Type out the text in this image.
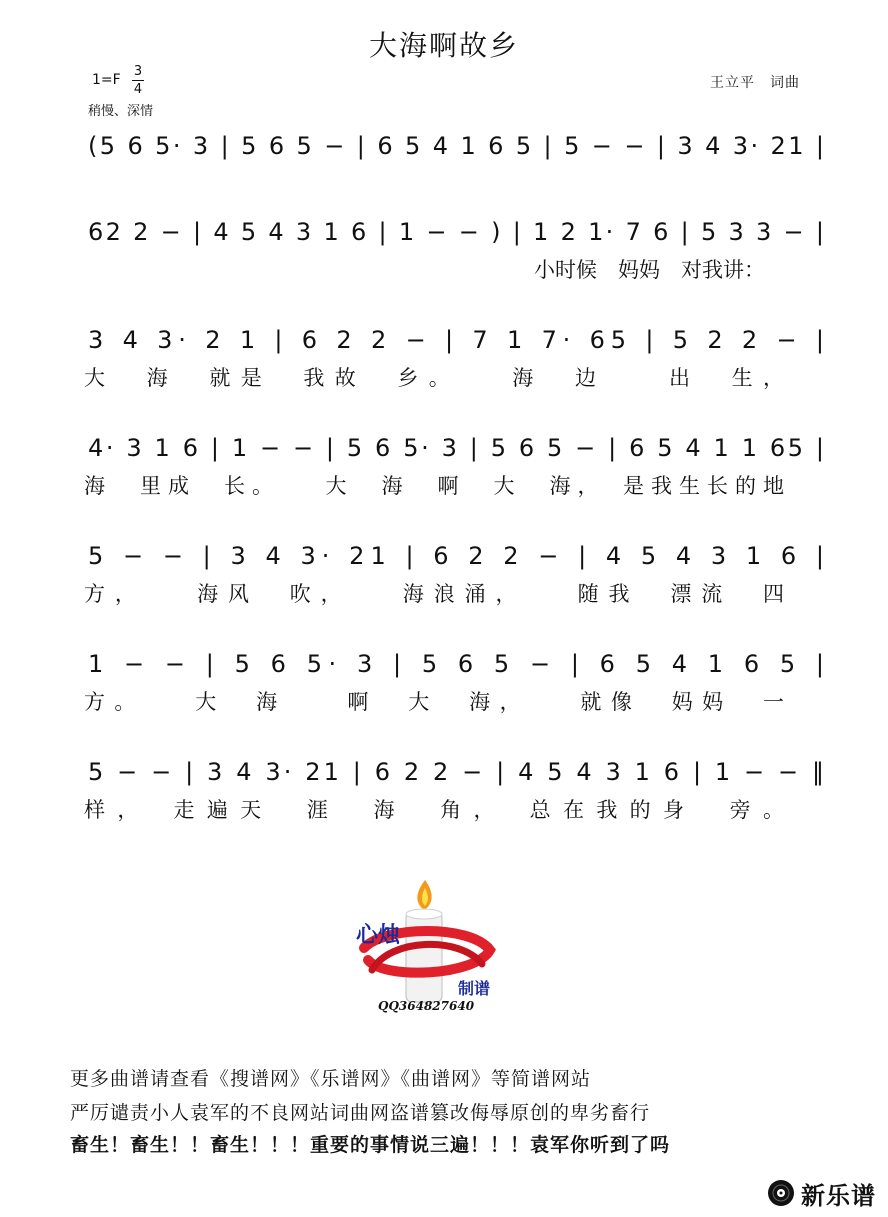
大海啊故乡
1=F
3
4
稍慢、深情
王立平　词曲
(5 6 5· 3 | 5 6 5 − | 6 5 4 1 6 5 | 5 − − | 3 4 3· 21 |
62 2 − | 4 5 4 3 1 6 | 1 − − ) | 1 2 1· 7 6 | 5 3 3 − |
小时候　妈妈　对我讲：
3 4 3· 2 1 | 6 2 2 − | 7 1 7· 65 | 5 2 2 − |
大　海　就是　我故　乡。　　海　边　　出　生，
4· 3 1 6 | 1 − − | 5 6 5· 3 | 5 6 5 − | 6 5 4 1 1 65 |
海　里成　长。　　大　海　啊　大　海，　是我生长的地
5 − − | 3 4 3· 21 | 6 2 2 − | 4 5 4 3 1 6 |
方，　　海风　吹，　　海浪涌，　　随我　漂流　四
1 − − | 5 6 5· 3 | 5 6 5 − | 6 5 4 1 6 5 |
方。　　大　海　　啊　大　海，　　就像　妈妈　一
5 − − | 3 4 3· 21 | 6 2 2 − | 4 5 4 3 1 6 | 1 − − ‖
样，　走遍天　涯　海　角，　总在我的身　旁。
心烛
制谱
QQ364827640
更多曲谱请查看《搜谱网》《乐谱网》《曲谱网》等简谱网站
严厉谴责小人袁军的不良网站词曲网盗谱篡改侮辱原创的卑劣畜行
畜生！畜生！！畜生！！！重要的事情说三遍！！！袁军你听到了吗
新乐谱
